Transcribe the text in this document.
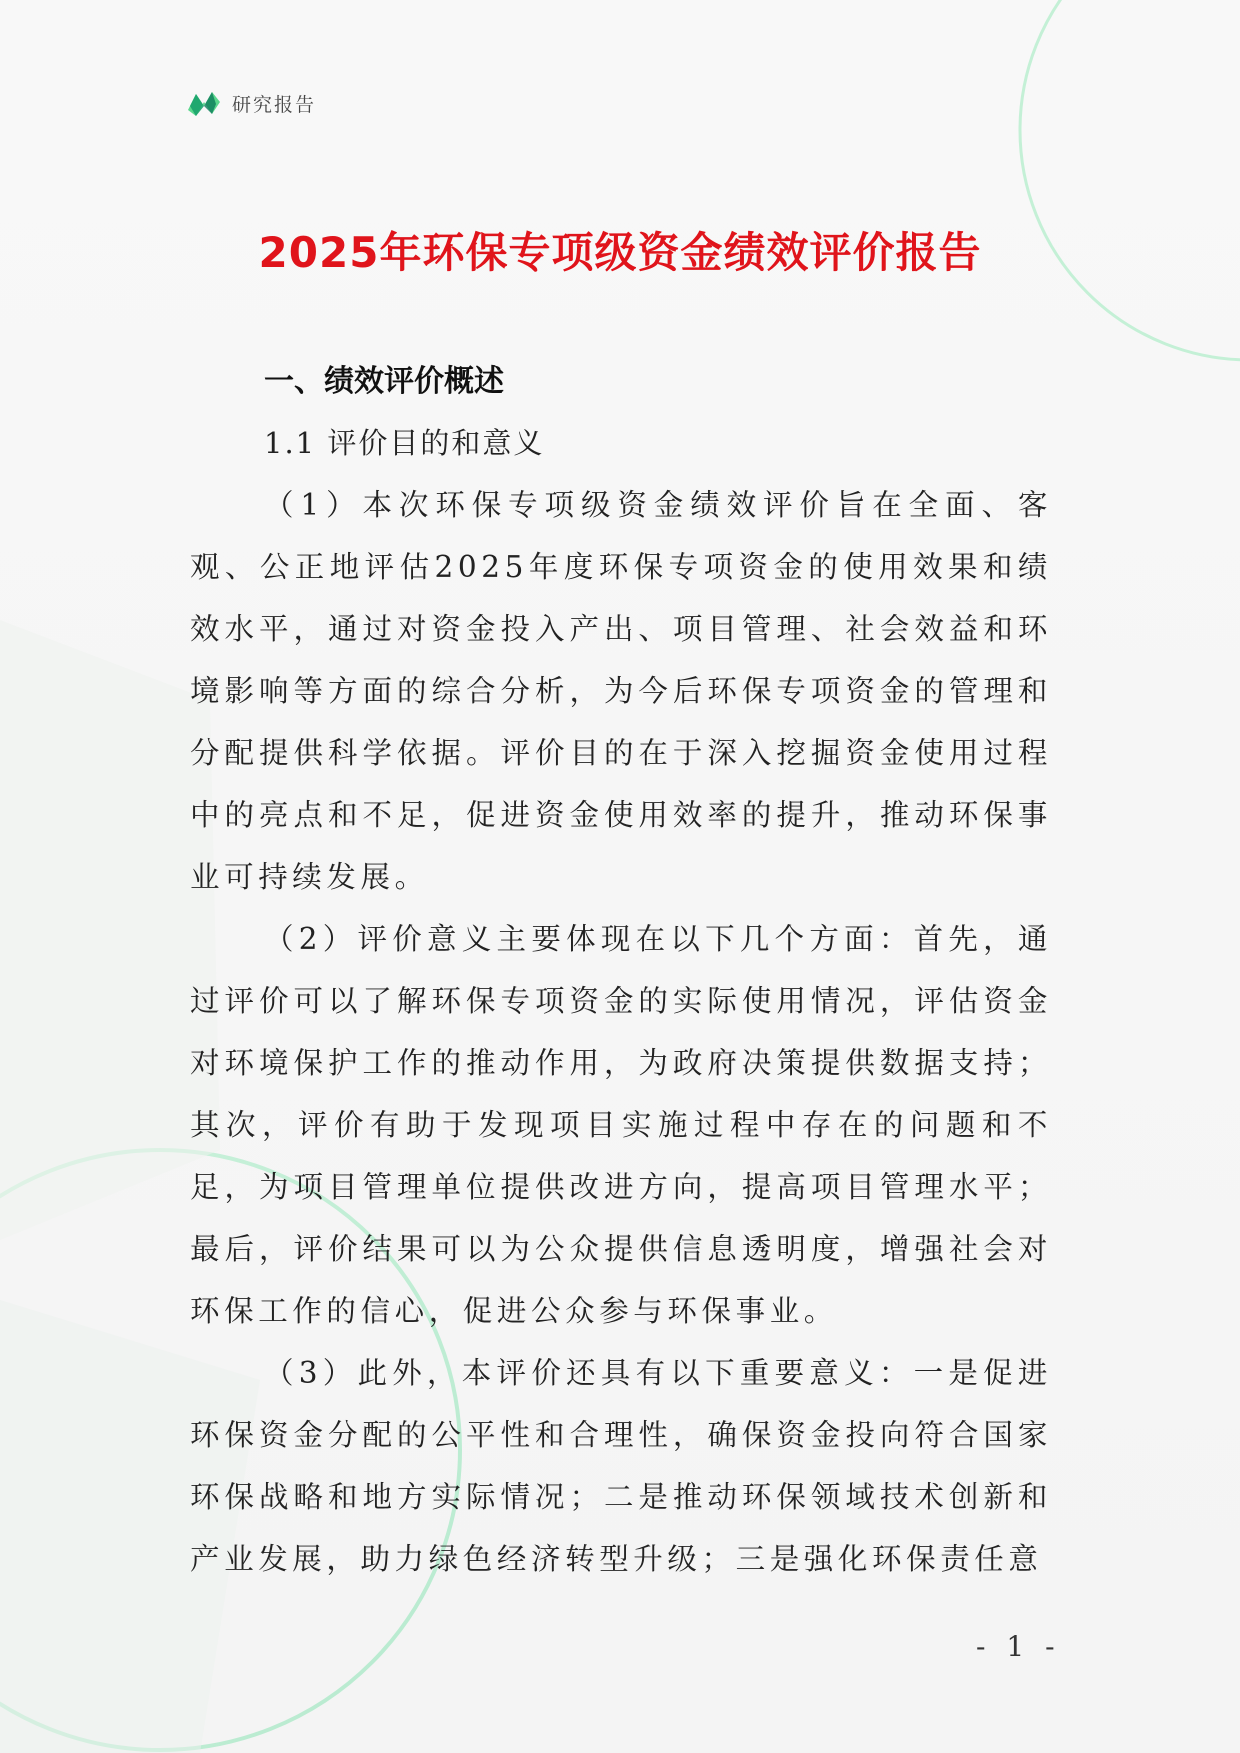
研究报告
2025年环保专项级资金绩效评价报告
一、绩效评价概述
1.1 评价目的和意义

（1）本次环保专项级资金绩效评价旨在全面、客观、公正地评估2025年度环保专项资金的使用效果和绩效水平，通过对资金投入产出、项目管理、社会效益和环境影响等方面的综合分析，为今后环保专项资金的管理和分配提供科学依据。评价目的在于深入挖掘资金使用过程中的亮点和不足，促进资金使用效率的提升，推动环保事业可持续发展。

（2）评价意义主要体现在以下几个方面：首先，通过评价可以了解环保专项资金的实际使用情况，评估资金对环境保护工作的推动作用，为政府决策提供数据支持；其次，评价有助于发现项目实施过程中存在的问题和不足，为项目管理单位提供改进方向，提高项目管理水平；最后，评价结果可以为公众提供信息透明度，增强社会对环保工作的信心，促进公众参与环保事业。

（3）此外，本评价还具有以下重要意义：一是促进环保资金分配的公平性和合理性，确保资金投向符合国家环保战略和地方实际情况；二是推动环保领域技术创新和产业发展，助力绿色经济转型升级；三是强化环保责任意

- 1 -
